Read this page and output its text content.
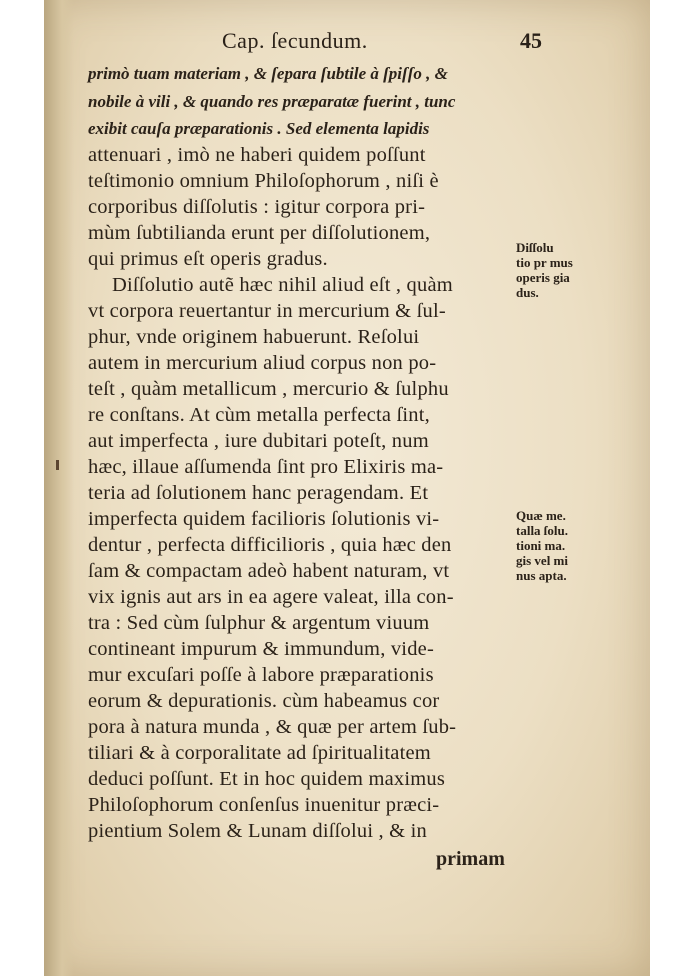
Cap. ſecundum.	45
primò tuam materiam , & ſepara ſubtile à ſpiſſo , &
nobile à vili , & quando res præparatæ fuerint , tunc
exibit cauſa præparationis . Sed elementa lapidis
attenuari , imò ne haberi quidem poſſunt
teſtimonio omnium Philoſophorum , niſi è
corporibus diſſolutis : igitur corpora pri-
mùm ſubtilianda erunt per diſſolutionem,
qui primus eſt operis gradus.
Diſſolutio autẽ hæc nihil aliud eſt , quàm
vt corpora reuertantur in mercurium & ſul-
phur, vnde originem habuerunt. Reſolui
autem in mercurium aliud corpus non po-
teſt , quàm metallicum , mercurio & ſulphu
re conſtans. At cùm metalla perfecta ſint,
aut imperfecta , iure dubitari poteſt, num
hæc, illaue aſſumenda ſint pro Elixiris ma-
teria ad ſolutionem hanc peragendam. Et
imperfecta quidem facilioris ſolutionis vi-
dentur , perfecta difficilioris , quia hæc den
ſam & compactam adeò habent naturam, vt
vix ignis aut ars in ea agere valeat, illa con-
tra : Sed cùm ſulphur & argentum viuum
contineant impurum & immundum, vide-
mur excuſari poſſe à labore præparationis
eorum & depurationis. cùm habeamus cor
pora à natura munda , & quæ per artem ſub-
tiliari & à corporalitate ad ſpiritualitatem
deduci poſſunt. Et in hoc quidem maximus
Philoſophorum conſenſus inuenitur præci-
pientium Solem & Lunam diſſolui , & in
Diſſolu
tio pr mus
operis gia
dus.
Quæ me.
talla ſolu.
tioni ma.
gis vel mi
nus apta.
primam
